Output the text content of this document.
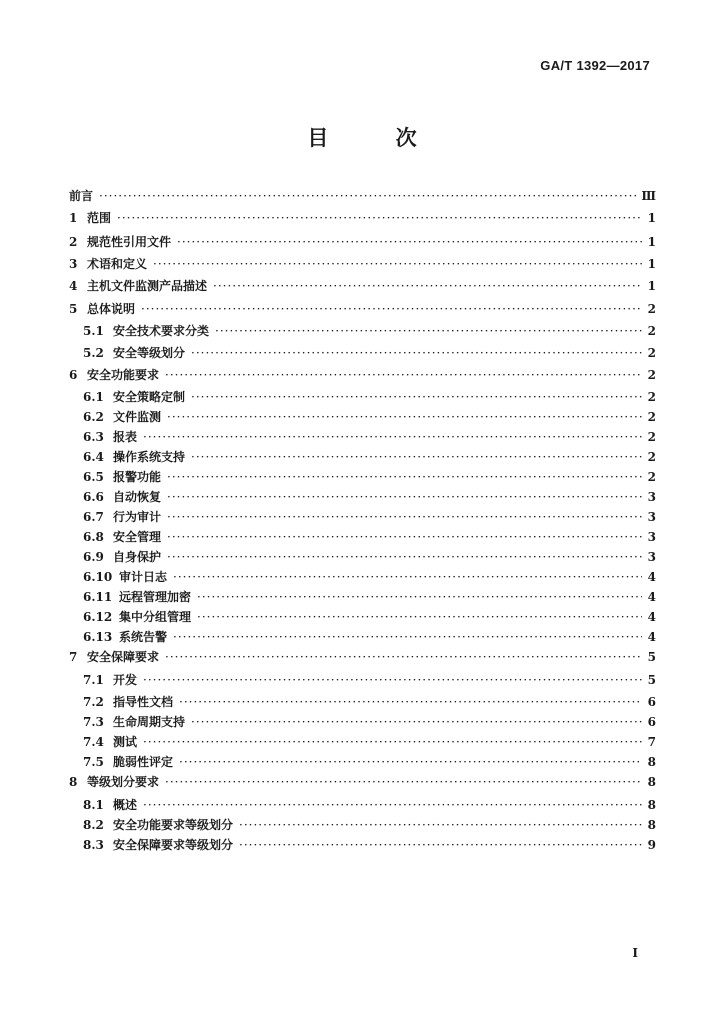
GA/T 1392—2017
目 次
前言 ·····	Ⅲ
1 范围 ·····	1
2 规范性引用文件 ·····	1
3 术语和定义 ·····	1
4 主机文件监测产品描述 ·····	1
5 总体说明 ·····	2
5.1 安全技术要求分类 ·····	2
5.2 安全等级划分 ·····	2
6 安全功能要求 ·····	2
6.1 安全策略定制 ·····	2
6.2 文件监测 ·····	2
6.3 报表 ·····	2
6.4 操作系统支持 ·····	2
6.5 报警功能 ·····	2
6.6 自动恢复 ·····	3
6.7 行为审计 ·····	3
6.8 安全管理 ·····	3
6.9 自身保护 ·····	3
6.10 审计日志 ·····	4
6.11 远程管理加密 ·····	4
6.12 集中分组管理 ·····	4
6.13 系统告警 ·····	4
7 安全保障要求 ·····	5
7.1 开发 ·····	5
7.2 指导性文档 ·····	6
7.3 生命周期支持 ·····	6
7.4 测试 ·····	7
7.5 脆弱性评定 ·····	8
8 等级划分要求 ·····	8
8.1 概述 ·····	8
8.2 安全功能要求等级划分 ·····	8
8.3 安全保障要求等级划分 ·····	9
I
